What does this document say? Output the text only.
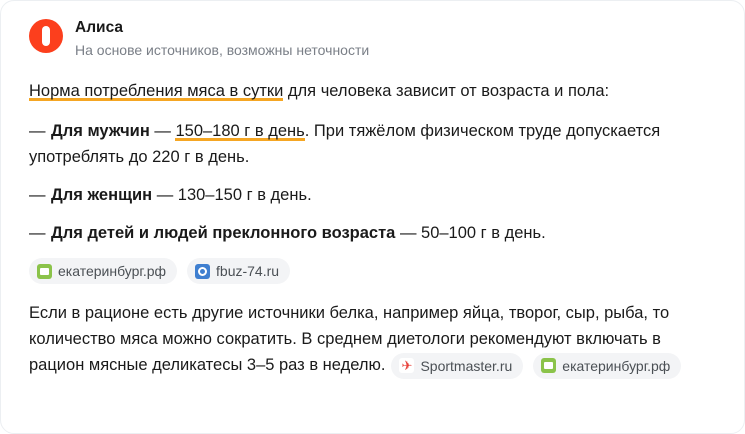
Алиса
На основе источников, возможны неточности

Норма потребления мяса в сутки для человека зависит от возраста и пола:

— Для мужчин — 150–180 г в день. При тяжёлом физическом труде допускается употреблять до 220 г в день.

— Для женщин — 130–150 г в день.

— Для детей и людей преклонного возраста — 50–100 г в день.

екатеринбург.рф	fbuz-74.ru

Если в рационе есть другие источники белка, например яйца, творог, сыр, рыба, то количество мяса можно сократить. В среднем диетологи рекомендуют включать в рацион мясные деликатесы 3–5 раз в неделю. ✈ Sportmaster.ru	екатеринбург.рф
